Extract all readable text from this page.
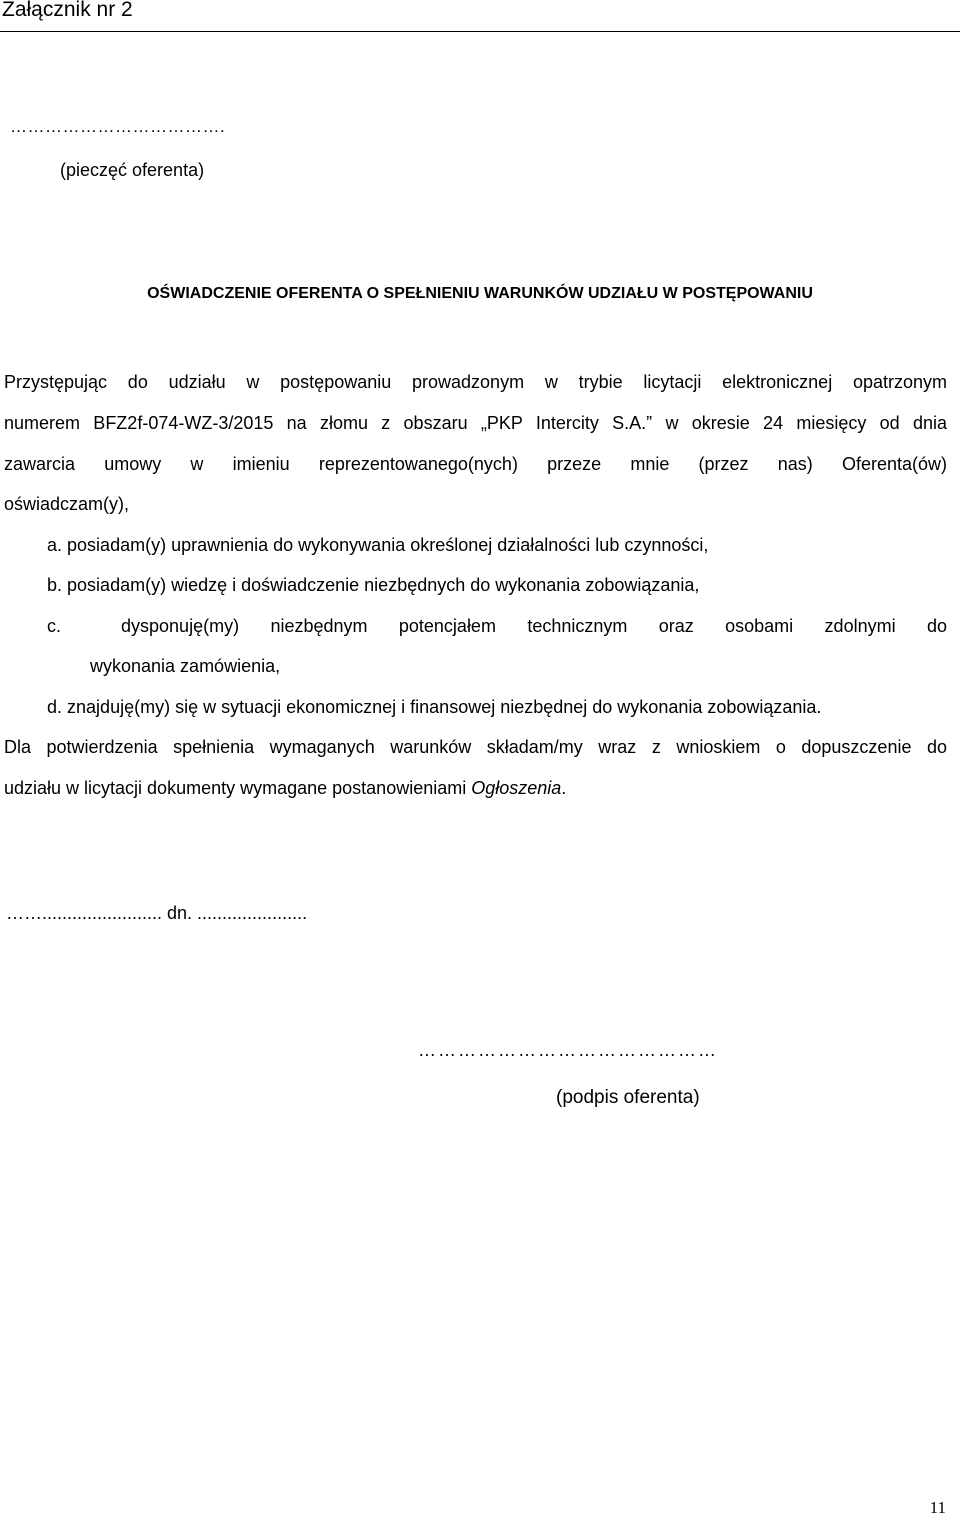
Załącznik nr 2
……………………………….
(pieczęć oferenta)
OŚWIADCZENIE OFERENTA O SPEŁNIENIU WARUNKÓW UDZIAŁU W POSTĘPOWANIU
Przystępując do udziału w postępowaniu prowadzonym w trybie licytacji elektronicznej opatrzonym
numerem BFZ2f-074-WZ-3/2015 na złomu z obszaru „PKP Intercity S.A.” w okresie 24 miesięcy od dnia
zawarcia umowy w imieniu reprezentowanego(nych) przeze mnie (przez nas) Oferenta(ów)
oświadczam(y),
a. posiadam(y) uprawnienia do wykonywania określonej działalności lub czynności,
b. posiadam(y) wiedzę i doświadczenie niezbędnych do wykonania zobowiązania,
c.	dysponuję(my) niezbędnym potencjałem technicznym oraz osobami zdolnymi do
wykonania zamówienia,
d. znajduję(my) się w sytuacji ekonomicznej i finansowej niezbędnej do wykonania zobowiązania.
Dla potwierdzenia spełnienia wymaganych warunków składam/my wraz z wnioskiem o dopuszczenie do
udziału w licytacji dokumenty wymagane postanowieniami Ogłoszenia.
……........................ dn. ......................
………………………………………
(podpis oferenta)
11
